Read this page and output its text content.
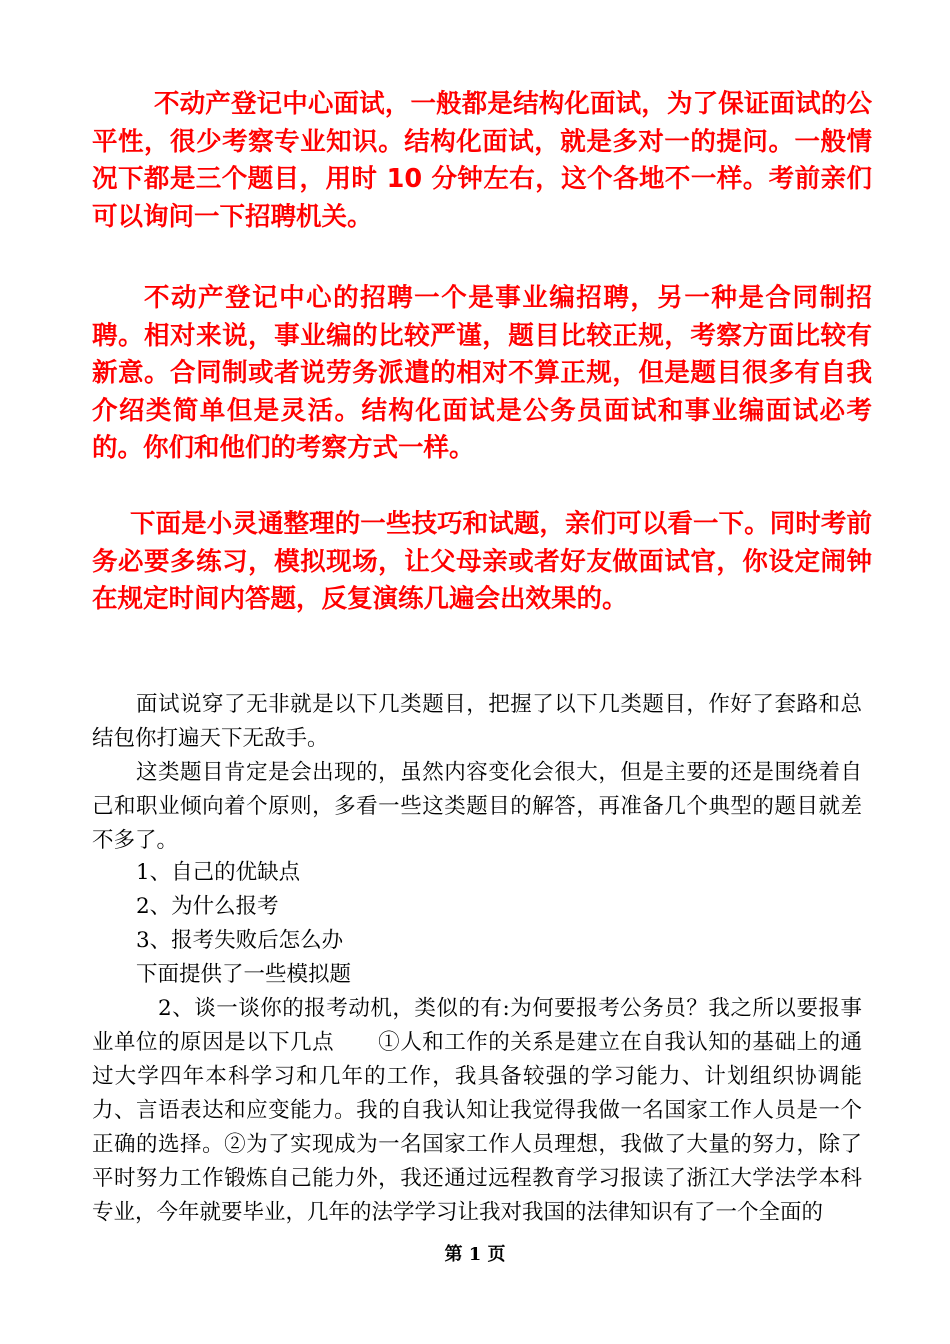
不动产登记中心面试，一般都是结构化面试，为了保证面试的公平性，很少考察专业知识。结构化面试，就是多对一的提问。一般情况下都是三个题目，用时 10 分钟左右，这个各地不一样。考前亲们可以询问一下招聘机关。

不动产登记中心的招聘一个是事业编招聘，另一种是合同制招聘。相对来说，事业编的比较严谨，题目比较正规，考察方面比较有新意。合同制或者说劳务派遣的相对不算正规，但是题目很多有自我介绍类简单但是灵活。结构化面试是公务员面试和事业编面试必考的。你们和他们的考察方式一样。

下面是小灵通整理的一些技巧和试题，亲们可以看一下。同时考前务必要多练习，模拟现场，让父母亲或者好友做面试官，你设定闹钟在规定时间内答题，反复演练几遍会出效果的。

面试说穿了无非就是以下几类题目，把握了以下几类题目，作好了套路和总结包你打遍天下无敌手。

这类题目肯定是会出现的，虽然内容变化会很大，但是主要的还是围绕着自己和职业倾向着个原则，多看一些这类题目的解答，再准备几个典型的题目就差不多了。

1、自己的优缺点

2、为什么报考

3、报考失败后怎么办

下面提供了一些模拟题

2、谈一谈你的报考动机，类似的有:为何要报考公务员？我之所以要报事业单位的原因是以下几点　　①人和工作的关系是建立在自我认知的基础上的通过大学四年本科学习和几年的工作，我具备较强的学习能力、计划组织协调能力、言语表达和应变能力。我的自我认知让我觉得我做一名国家工作人员是一个正确的选择。②为了实现成为一名国家工作人员理想，我做了大量的努力，除了平时努力工作锻炼自己能力外，我还通过远程教育学习报读了浙江大学法学本科专业，今年就要毕业，几年的法学学习让我对我国的法律知识有了一个全面的

第 1 页
